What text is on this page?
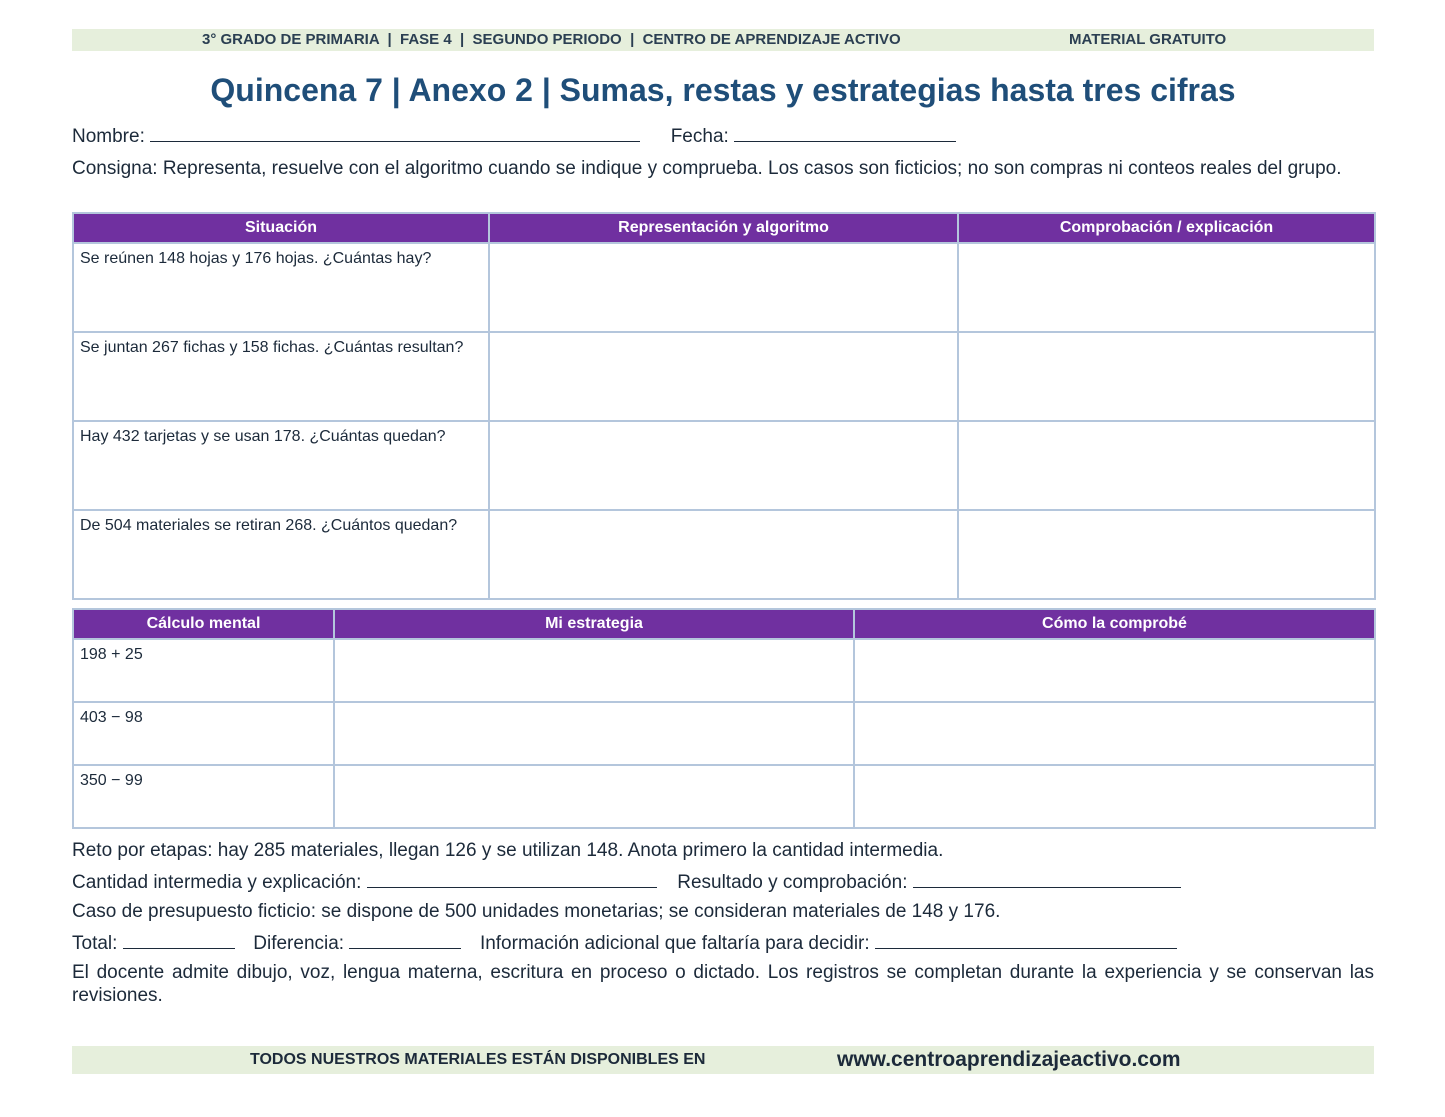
3° GRADO DE PRIMARIA  |  FASE 4  |  SEGUNDO PERIODO  |  CENTRO DE APRENDIZAJE ACTIVO	MATERIAL GRATUITO
Quincena 7 | Anexo 2 | Sumas, restas y estrategias hasta tres cifras
Nombre:	Fecha:
Consigna: Representa, resuelve con el algoritmo cuando se indique y comprueba. Los casos son ficticios; no son compras ni conteos reales del grupo.
Situación	Representación y algoritmo	Comprobación / explicación
Se reúnen 148 hojas y 176 hojas. ¿Cuántas hay?		
Se juntan 267 fichas y 158 fichas. ¿Cuántas resultan?		
Hay 432 tarjetas y se usan 178. ¿Cuántas quedan?		
De 504 materiales se retiran 268. ¿Cuántos quedan?		
Cálculo mental	Mi estrategia	Cómo la comprobé
198 + 25		
403 − 98		
350 − 99		
Reto por etapas: hay 285 materiales, llegan 126 y se utilizan 148. Anota primero la cantidad intermedia.
Cantidad intermedia y explicación:	Resultado y comprobación:
Caso de presupuesto ficticio: se dispone de 500 unidades monetarias; se consideran materiales de 148 y 176.
Total:	Diferencia:	Información adicional que faltaría para decidir:
El docente admite dibujo, voz, lengua materna, escritura en proceso o dictado. Los registros se completan durante la experiencia y se conservan las revisiones.
TODOS NUESTROS MATERIALES ESTÁN DISPONIBLES EN	www.centroaprendizajeactivo.com
